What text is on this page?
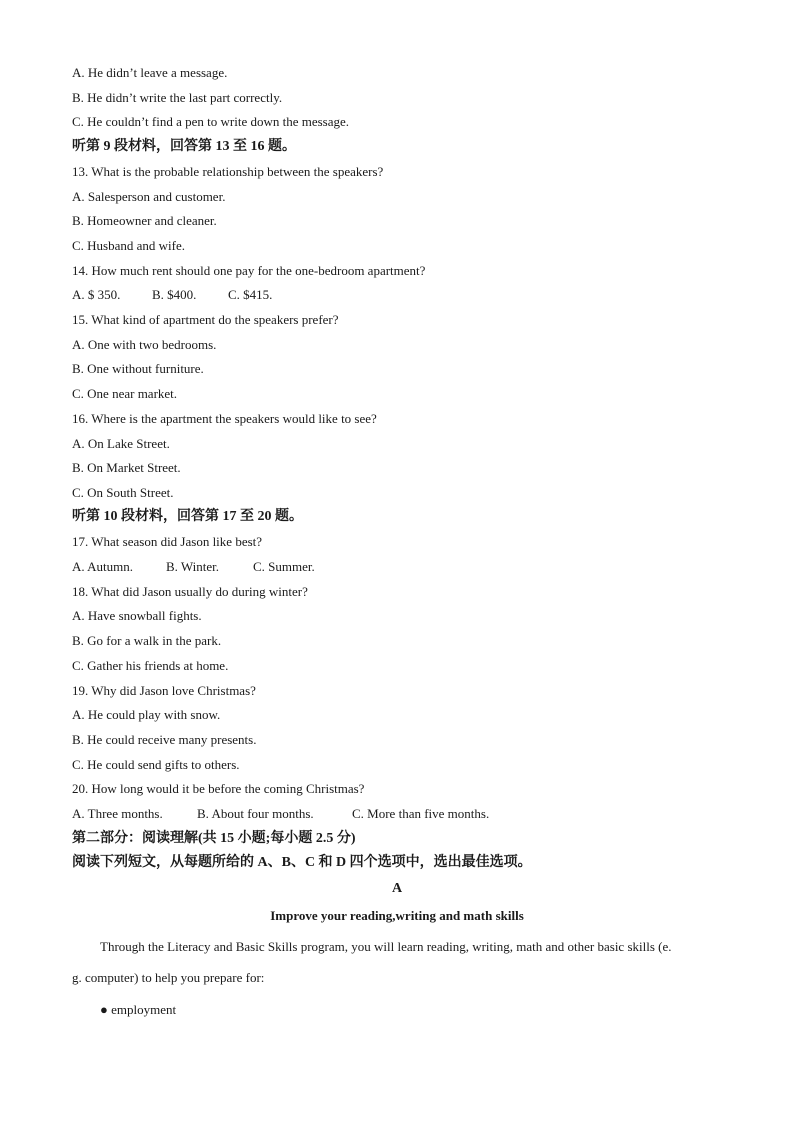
A. He didn’t leave a message.
B. He didn’t write the last part correctly.
C. He couldn’t find a pen to write down the message.
听第 9 段材料，回答第 13 至 16 题。
13. What is the probable relationship between the speakers?
A. Salesperson and customer.
B. Homeowner and cleaner.
C. Husband and wife.
14. How much rent should one pay for the one-bedroom apartment?
A. $ 350. B. $400. C. $415.
15. What kind of apartment do the speakers prefer?
A. One with two bedrooms.
B. One without furniture.
C. One near market.
16. Where is the apartment the speakers would like to see?
A. On Lake Street.
B. On Market Street.
C. On South Street.
听第 10 段材料，回答第 17 至 20 题。
17. What season did Jason like best?
A. Autumn.	B. Winter.	C. Summer.
18. What did Jason usually do during winter?
A. Have snowball fights.
B. Go for a walk in the park.
C. Gather his friends at home.
19. Why did Jason love Christmas?
A. He could play with snow.
B. He could receive many presents.
C. He could send gifts to others.
20. How long would it be before the coming Christmas?
A. Three months.	B. About four months.	C. More than five months.
第二部分：阅读理解(共 15 小题;每小题 2.5 分)
阅读下列短文，从每题所给的 A、B、C 和 D 四个选项中，选出最佳选项。
A
Improve your reading,writing and math skills
Through the Literacy and Basic Skills program, you will learn reading, writing, math and other basic skills (e.
g. computer) to help you prepare for:
● employment
